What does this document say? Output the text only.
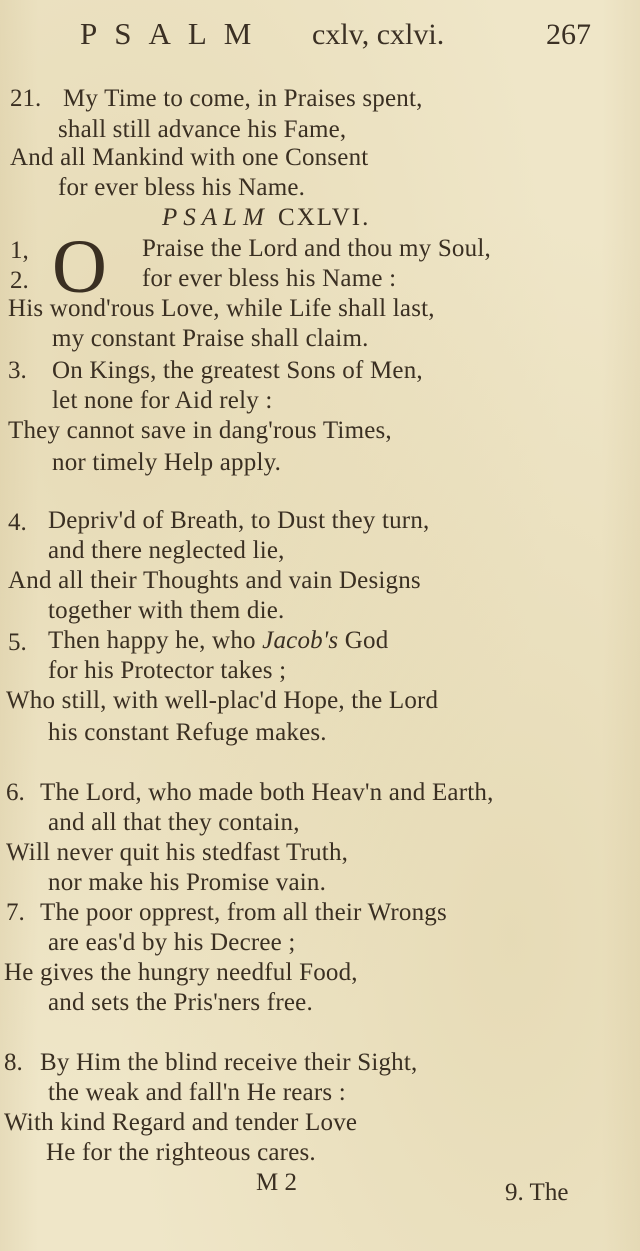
PSALM cxlv, cxlvi.	267
21. My Time to come, in Praises spent,
shall still advance his Fame,
And all Mankind with one Consent
for ever bless his Name.
PSALM CXLVI.
O
1,
2.
Praise the Lord and thou my Soul,
for ever bless his Name :
His wond'rous Love, while Life shall last,
my constant Praise shall claim.
3. On Kings, the greatest Sons of Men,
let none for Aid rely :
They cannot save in dang'rous Times,
nor timely Help apply.
4. Depriv'd of Breath, to Dust they turn,
and there neglected lie,
And all their Thoughts and vain Designs
together with them die.
5. Then happy he, who Jacob's God
for his Protector takes ;
Who still, with well-plac'd Hope, the Lord
his constant Refuge makes.
6. The Lord, who made both Heav'n and Earth,
and all that they contain,
Will never quit his stedfast Truth,
nor make his Promise vain.
7. The poor opprest, from all their Wrongs
are eas'd by his Decree ;
He gives the hungry needful Food,
and sets the Pris'ners free.
8. By Him the blind receive their Sight,
the weak and fall'n He rears :
With kind Regard and tender Love
He for the righteous cares.
M 2	9. The
